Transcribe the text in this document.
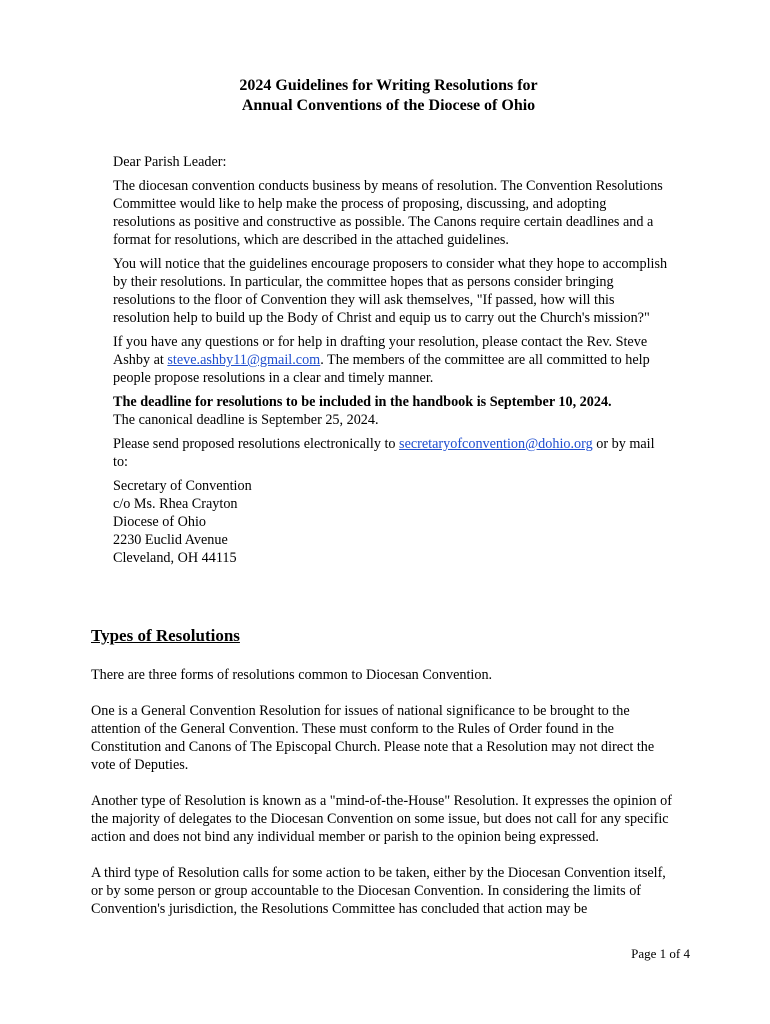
2024 Guidelines for Writing Resolutions for
Annual Conventions of the Diocese of Ohio

Dear Parish Leader:

The diocesan convention conducts business by means of resolution. The Convention Resolutions Committee would like to help make the process of proposing, discussing, and adopting resolutions as positive and constructive as possible. The Canons require certain deadlines and a format for resolutions, which are described in the attached guidelines.

You will notice that the guidelines encourage proposers to consider what they hope to accomplish by their resolutions. In particular, the committee hopes that as persons consider bringing resolutions to the floor of Convention they will ask themselves, "If passed, how will this resolution help to build up the Body of Christ and equip us to carry out the Church's mission?"

If you have any questions or for help in drafting your resolution, please contact the Rev. Steve Ashby at steve.ashby11@gmail.com. The members of the committee are all committed to help people propose resolutions in a clear and timely manner.

The deadline for resolutions to be included in the handbook is September 10, 2024.
The canonical deadline is September 25, 2024.

Please send proposed resolutions electronically to secretaryofconvention@dohio.org or by mail to:

Secretary of Convention
c/o Ms. Rhea Crayton
Diocese of Ohio
2230 Euclid Avenue
Cleveland, OH 44115
Types of Resolutions

There are three forms of resolutions common to Diocesan Convention.

One is a General Convention Resolution for issues of national significance to be brought to the attention of the General Convention. These must conform to the Rules of Order found in the Constitution and Canons of The Episcopal Church. Please note that a Resolution may not direct the vote of Deputies.

Another type of Resolution is known as a "mind-of-the-House" Resolution. It expresses the opinion of the majority of delegates to the Diocesan Convention on some issue, but does not call for any specific action and does not bind any individual member or parish to the opinion being expressed.

A third type of Resolution calls for some action to be taken, either by the Diocesan Convention itself, or by some person or group accountable to the Diocesan Convention. In considering the limits of Convention's jurisdiction, the Resolutions Committee has concluded that action may be

Page 1 of 4
